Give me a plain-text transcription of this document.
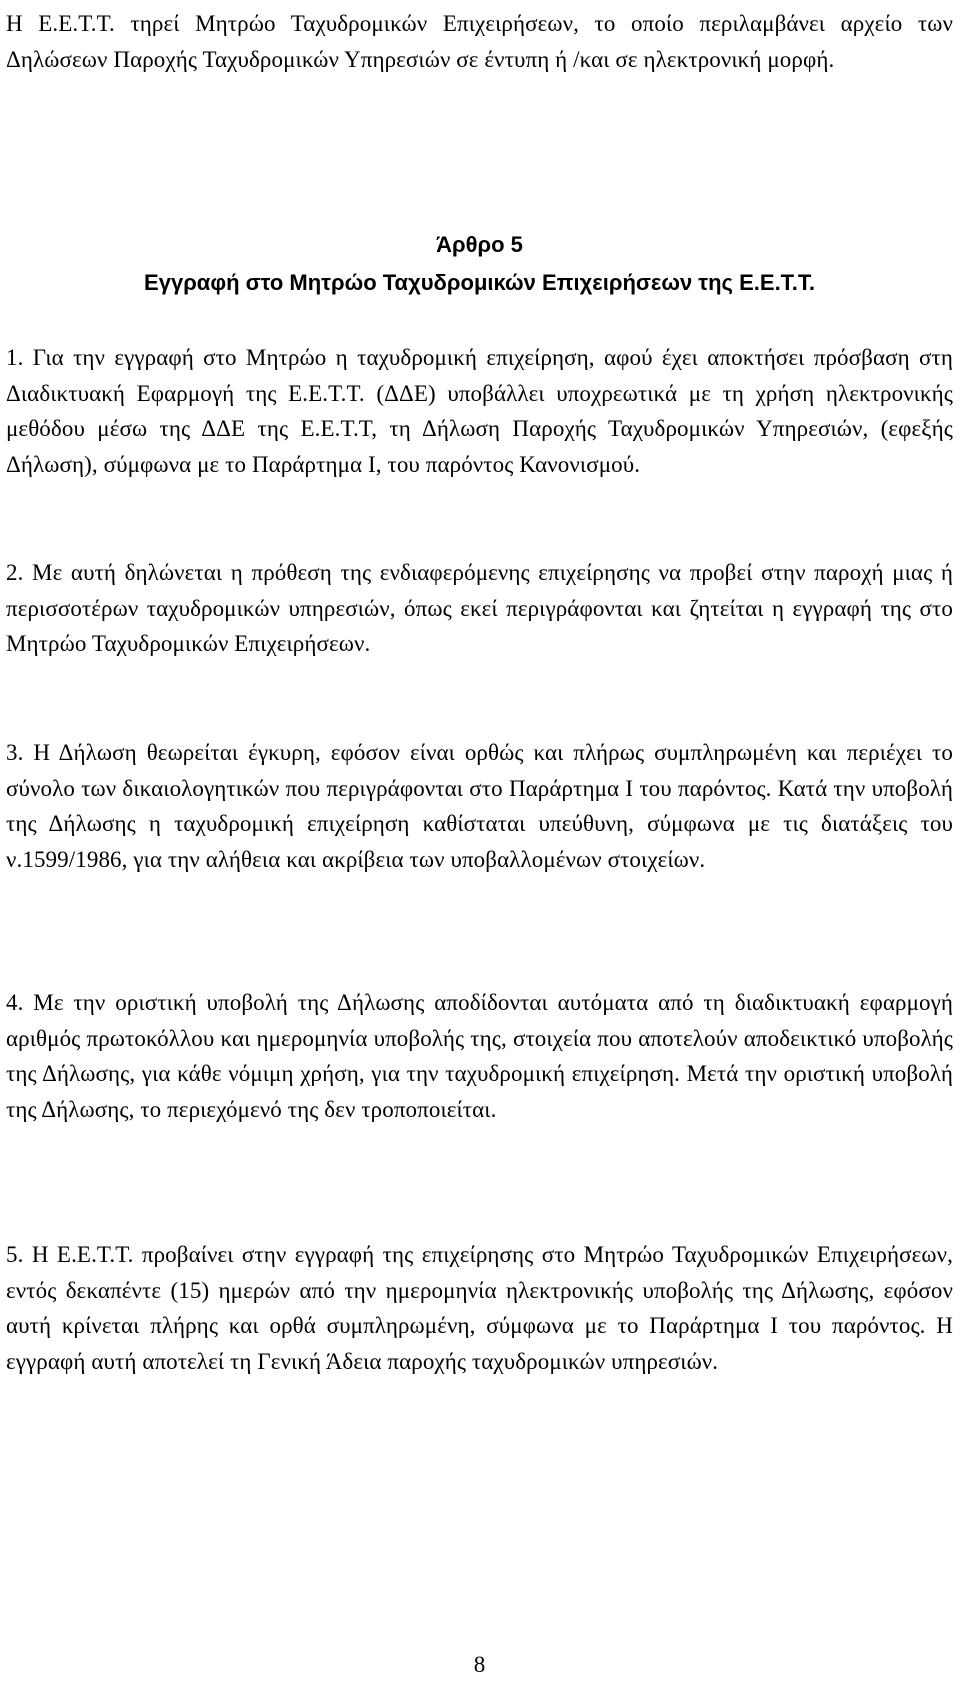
Η Ε.Ε.Τ.Τ. τηρεί Μητρώο Ταχυδρομικών Επιχειρήσεων, το οποίο περιλαμβάνει αρχείο των Δηλώσεων Παροχής Ταχυδρομικών Υπηρεσιών σε έντυπη ή /και σε ηλεκτρονική μορφή.

Άρθρο 5
Εγγραφή στο Μητρώο Ταχυδρομικών Επιχειρήσεων της Ε.Ε.Τ.Τ.

1. Για την εγγραφή στο Μητρώο η ταχυδρομική επιχείρηση, αφού έχει αποκτήσει πρόσβαση στη Διαδικτυακή Εφαρμογή της Ε.Ε.Τ.Τ. (ΔΔΕ) υποβάλλει υποχρεωτικά με τη χρήση ηλεκτρονικής μεθόδου μέσω της ΔΔΕ της Ε.Ε.Τ.Τ, τη Δήλωση Παροχής Ταχυδρομικών Υπηρεσιών, (εφεξής Δήλωση), σύμφωνα με το Παράρτημα Ι, του παρόντος Κανονισμού.

2. Με αυτή δηλώνεται η πρόθεση της ενδιαφερόμενης επιχείρησης να προβεί στην παροχή μιας ή περισσοτέρων ταχυδρομικών υπηρεσιών, όπως εκεί περιγράφονται και ζητείται η εγγραφή της στο Μητρώο Ταχυδρομικών Επιχειρήσεων.

3. Η Δήλωση θεωρείται έγκυρη, εφόσον είναι ορθώς και πλήρως συμπληρωμένη και περιέχει το σύνολο των δικαιολογητικών που περιγράφονται στο Παράρτημα Ι του παρόντος. Κατά την υποβολή της Δήλωσης η ταχυδρομική επιχείρηση καθίσταται υπεύθυνη, σύμφωνα με τις διατάξεις του ν.1599/1986, για την αλήθεια και ακρίβεια των υποβαλλομένων στοιχείων.

4. Με την οριστική υποβολή της Δήλωσης αποδίδονται αυτόματα από τη διαδικτυακή εφαρμογή αριθμός πρωτοκόλλου και ημερομηνία υποβολής της, στοιχεία που αποτελούν αποδεικτικό υποβολής της Δήλωσης, για κάθε νόμιμη χρήση, για την ταχυδρομική επιχείρηση. Μετά την οριστική υποβολή της Δήλωσης, το περιεχόμενό της δεν τροποποιείται.

5. Η Ε.Ε.Τ.Τ. προβαίνει στην εγγραφή της επιχείρησης στο Μητρώο Ταχυδρομικών Επιχειρήσεων, εντός δεκαπέντε (15) ημερών από την ημερομηνία ηλεκτρονικής υποβολής της Δήλωσης, εφόσον αυτή κρίνεται πλήρης και ορθά συμπληρωμένη, σύμφωνα με το Παράρτημα Ι του παρόντος. Η εγγραφή αυτή αποτελεί τη Γενική Άδεια παροχής ταχυδρομικών υπηρεσιών.

8
